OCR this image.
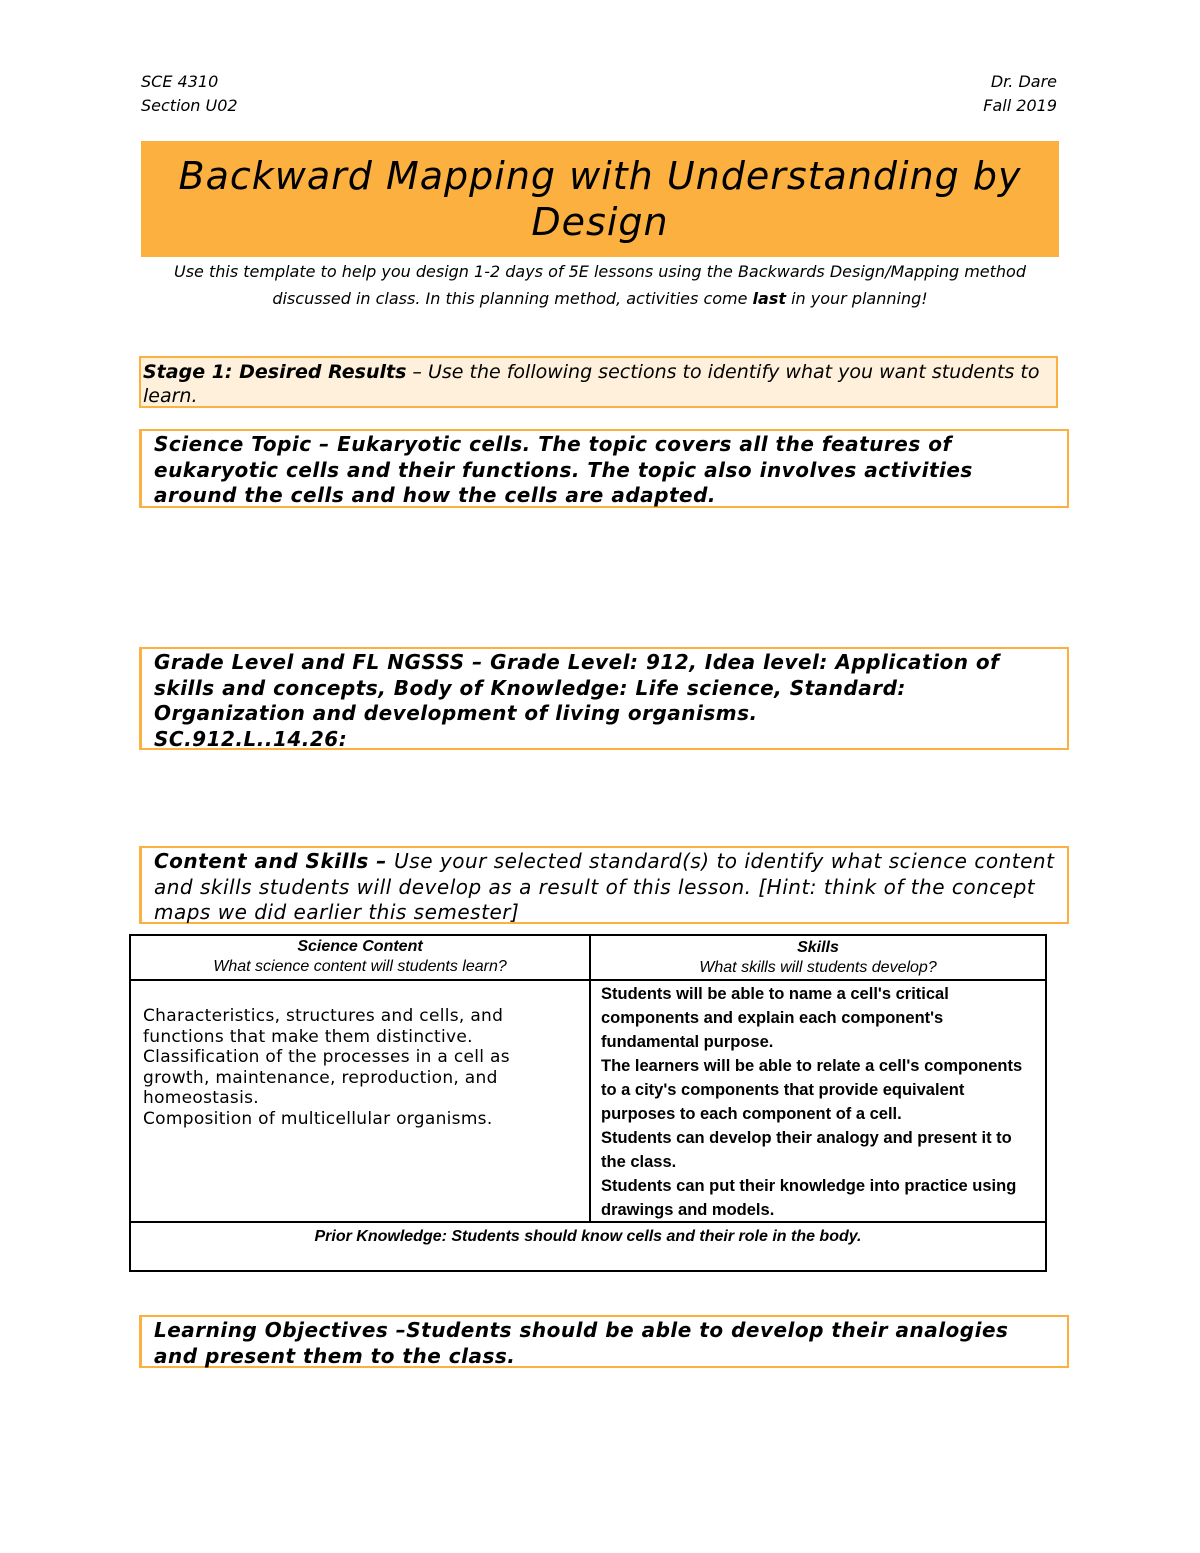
SCE 4310
Section U02
Dr. Dare
Fall 2019
Backward Mapping with Understanding by Design
Use this template to help you design 1-2 days of 5E lessons using the Backwards Design/Mapping method discussed in class. In this planning method, activities come last in your planning!
Stage 1: Desired Results – Use the following sections to identify what you want students to learn.
Science Topic – Eukaryotic cells. The topic covers all the features of eukaryotic cells and their functions. The topic also involves activities around the cells and how the cells are adapted.
Grade Level and FL NGSSS – Grade Level: 912, Idea level: Application of skills and concepts, Body of Knowledge: Life science, Standard: Organization and development of living organisms.
SC.912.L..14.26:
Content and Skills – Use your selected standard(s) to identify what science content and skills students will develop as a result of this lesson. [Hint: think of the concept maps we did earlier this semester]
Science Content
What science content will students learn?
Skills
What skills will students develop?
Characteristics, structures and cells, and functions that make them distinctive.
Classification of the processes in a cell as growth, maintenance, reproduction, and homeostasis.
Composition of multicellular organisms.
Students will be able to name a cell's critical components and explain each component's fundamental purpose.
The learners will be able to relate a cell's components to a city's components that provide equivalent purposes to each component of a cell.
Students can develop their analogy and present it to the class.
Students can put their knowledge into practice using drawings and models.
Prior Knowledge: Students should know cells and their role in the body.
Learning Objectives –Students should be able to develop their analogies and present them to the class.
